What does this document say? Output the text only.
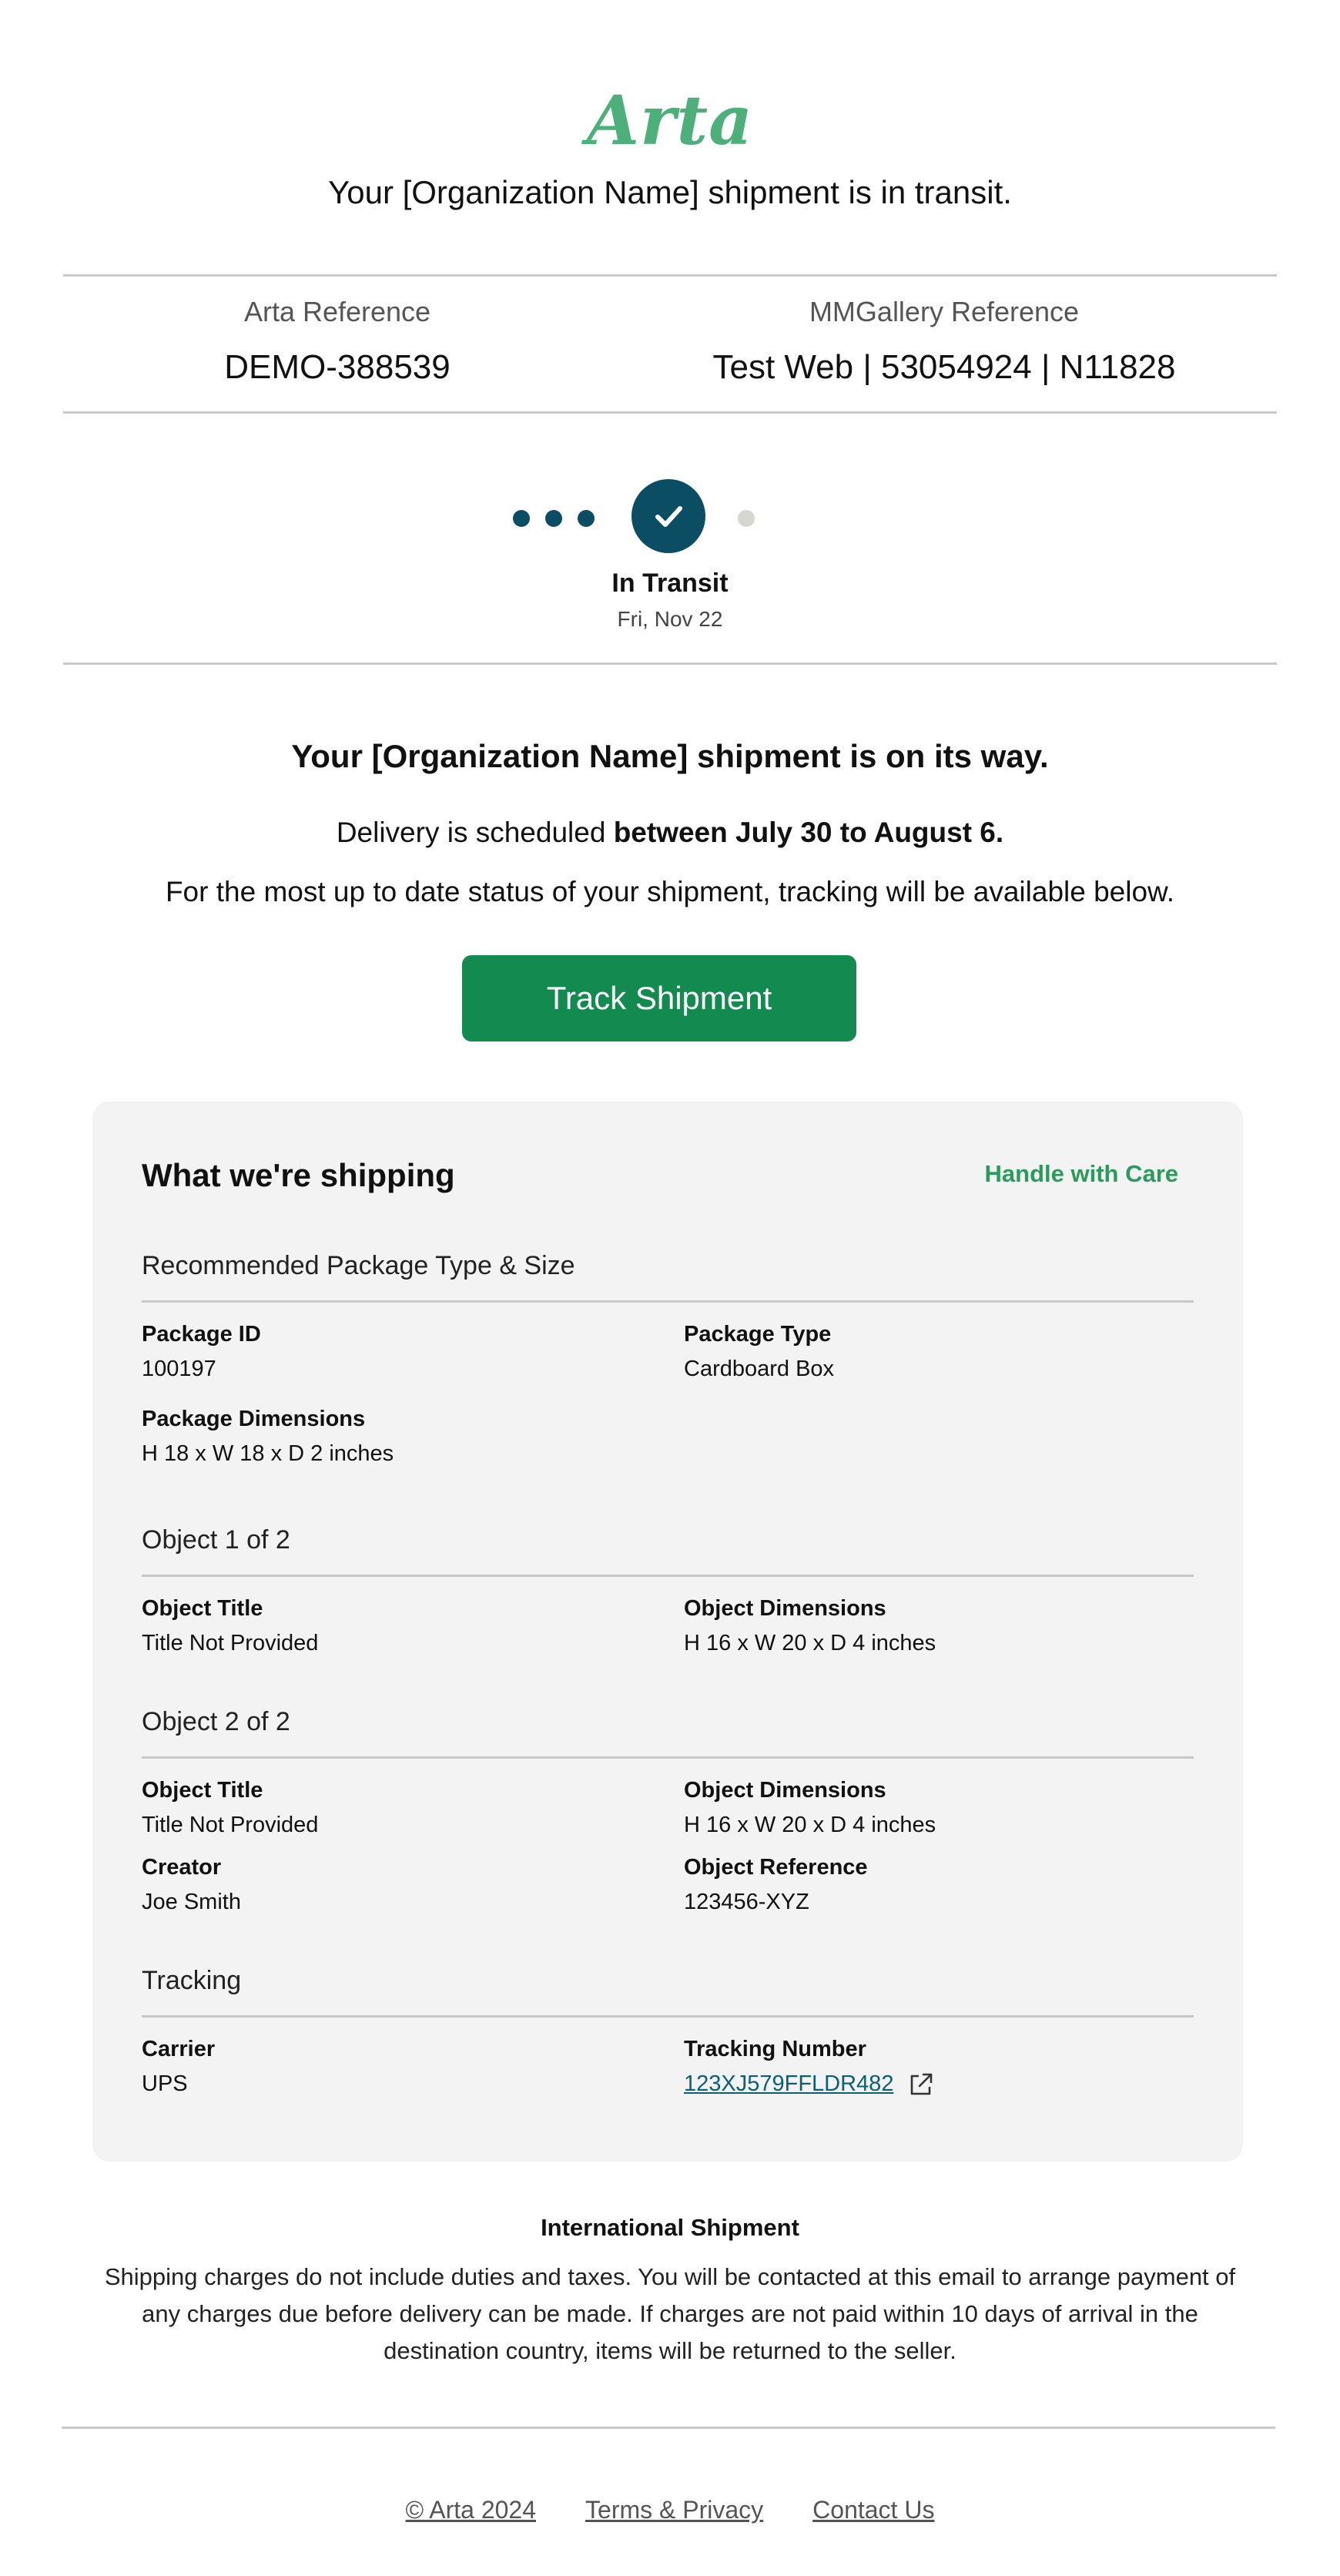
Arta
Your [Organization Name] shipment is in transit.
Arta Reference
DEMO-388539
MMGallery Reference
Test Web | 53054924 | N11828
In Transit
Fri, Nov 22
Your [Organization Name] shipment is on its way.
Delivery is scheduled between July 30 to August 6.
For the most up to date status of your shipment, tracking will be available below.
Track Shipment
What we're shipping	Handle with Care
Recommended Package Type & Size
Package ID
100197
Package Type
Cardboard Box
Package Dimensions
H 18 x W 18 x D 2 inches
Object 1 of 2
Object Title
Title Not Provided
Object Dimensions
H 16 x W 20 x D 4 inches
Object 2 of 2
Object Title
Title Not Provided
Object Dimensions
H 16 x W 20 x D 4 inches
Creator
Joe Smith
Object Reference
123456-XYZ
Tracking
Carrier
UPS
Tracking Number
123XJ579FFLDR482
International Shipment
Shipping charges do not include duties and taxes. You will be contacted at this email to arrange payment of any charges due before delivery can be made. If charges are not paid within 10 days of arrival in the destination country, items will be returned to the seller.
© Arta 2024 Terms & Privacy Contact Us
